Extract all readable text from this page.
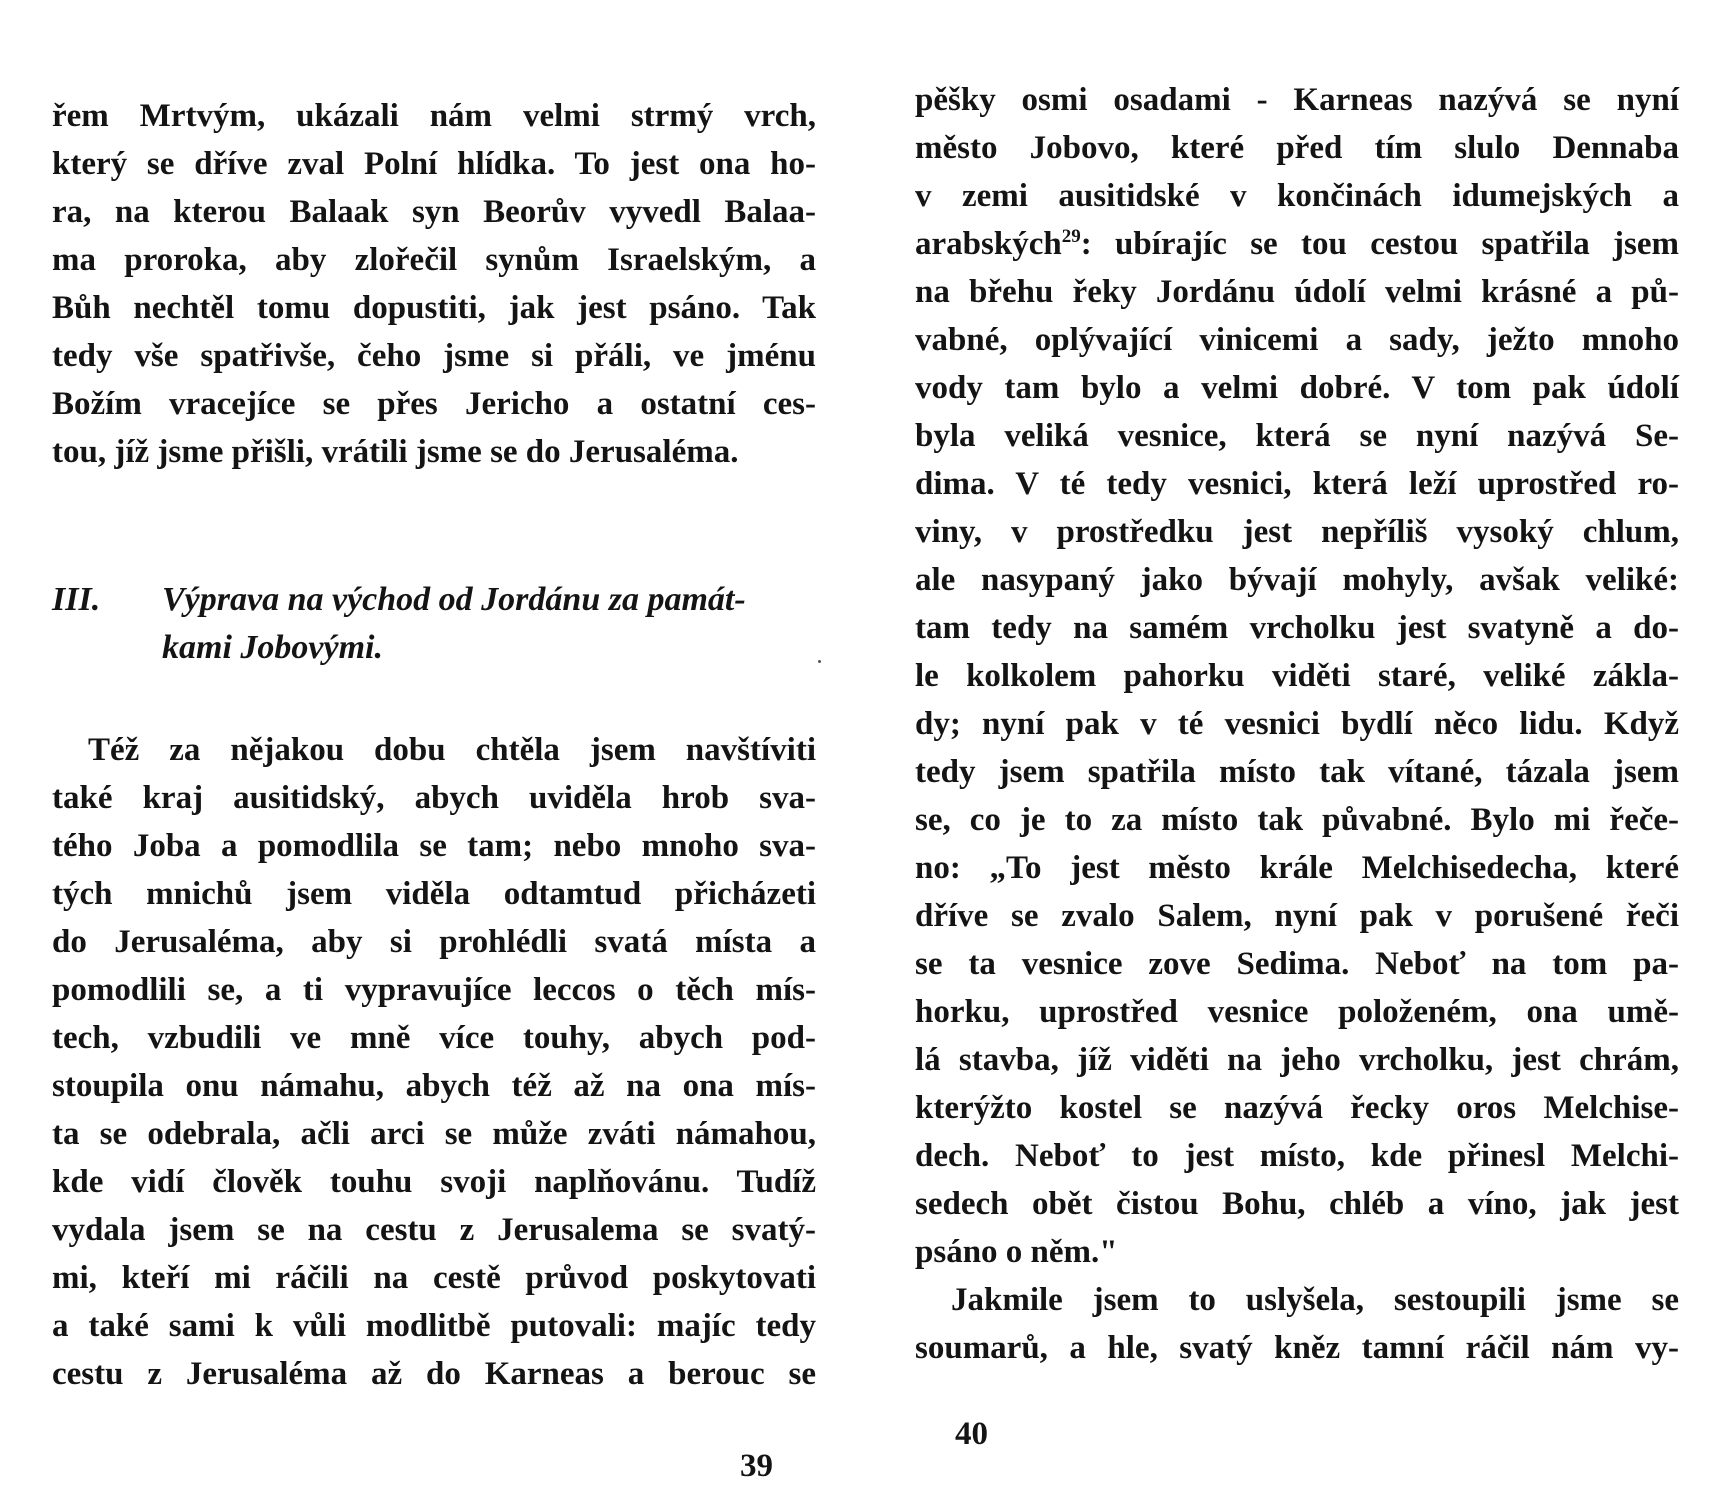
řem Mrtvým, ukázali nám velmi strmý vrch,
který se dříve zval Polní hlídka. To jest ona ho-
ra, na kterou Balaak syn Beorův vyvedl Balaa-
ma proroka, aby zlořečil synům Israelským, a
Bůh nechtěl tomu dopustiti, jak jest psáno. Tak
tedy vše spatřivše, čeho jsme si přáli, ve jménu
Božím vracejíce se přes Jericho a ostatní ces-
tou, jíž jsme přišli, vrátili jsme se do Jerusaléma.
III.	Výprava na východ od Jordánu za památ-
kami Jobovými.
Též za nějakou dobu chtěla jsem navštíviti
také kraj ausitidský, abych uviděla hrob sva-
tého Joba a pomodlila se tam; nebo mnoho sva-
tých mnichů jsem viděla odtamtud přicházeti
do Jerusaléma, aby si prohlédli svatá místa a
pomodlili se, a ti vypravujíce leccos o těch mís-
tech, vzbudili ve mně více touhy, abych pod-
stoupila onu námahu, abych též až na ona mís-
ta se odebrala, ačli arci se může zváti námahou,
kde vidí člověk touhu svoji naplňovánu. Tudíž
vydala jsem se na cestu z Jerusalema se svatý-
mi, kteří mi ráčili na cestě průvod poskytovati
a také sami k vůli modlitbě putovali: majíc tedy
cestu z Jerusaléma až do Karneas a berouc se
39
pěšky osmi osadami - Karneas nazývá se nyní
město Jobovo, které před tím slulo Dennaba
v zemi ausitidské v končinách idumejských a
arabských$^{29}$: ubírajíc se tou cestou spatřila jsem
na břehu řeky Jordánu údolí velmi krásné a pů-
vabné, oplývající vinicemi a sady, ježto mnoho
vody tam bylo a velmi dobré. V tom pak údolí
byla veliká vesnice, která se nyní nazývá Se-
dima. V té tedy vesnici, která leží uprostřed ro-
viny, v prostředku jest nepříliš vysoký chlum,
ale nasypaný jako bývají mohyly, avšak veliké:
tam tedy na samém vrcholku jest svatyně a do-
le kolkolem pahorku viděti staré, veliké zákla-
dy; nyní pak v té vesnici bydlí něco lidu. Když
tedy jsem spatřila místo tak vítané, tázala jsem
se, co je to za místo tak půvabné. Bylo mi řeče-
no: „To jest město krále Melchisedecha, které
dříve se zvalo Salem, nyní pak v porušené řeči
se ta vesnice zove Sedima. Neboť na tom pa-
horku, uprostřed vesnice položeném, ona umě-
lá stavba, jíž viděti na jeho vrcholku, jest chrám,
kterýžto kostel se nazývá řecky oros Melchise-
dech. Neboť to jest místo, kde přinesl Melchi-
sedech obět čistou Bohu, chléb a víno, jak jest
psáno o něm."
Jakmile jsem to uslyšela, sestoupili jsme se
soumarů, a hle, svatý kněz tamní ráčil nám vy-
40
